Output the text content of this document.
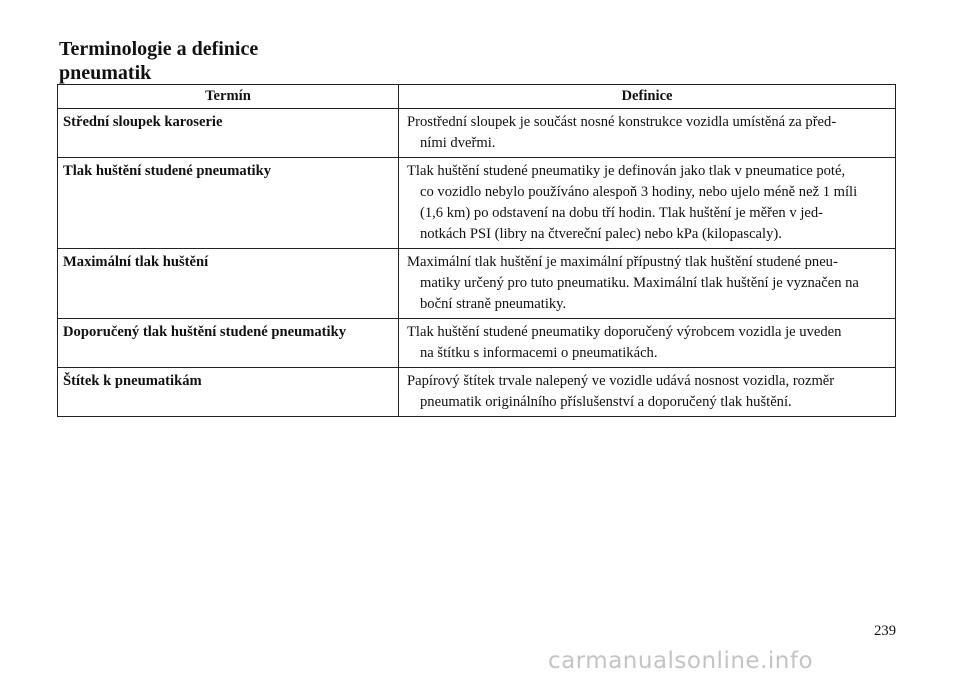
Terminologie a definice pneumatik
Termín	Definice
Střední sloupek karoserie	Prostřední sloupek je součást nosné konstrukce vozidla umístěná za před-
ními dveřmi.
Tlak huštění studené pneumatiky	Tlak huštění studené pneumatiky je definován jako tlak v pneumatice poté,
co vozidlo nebylo používáno alespoň 3 hodiny, nebo ujelo méně než 1 míli
(1,6 km) po odstavení na dobu tří hodin. Tlak huštění je měřen v jed-
notkách PSI (libry na čtvereční palec) nebo kPa (kilopascaly).
Maximální tlak huštění	Maximální tlak huštění je maximální přípustný tlak huštění studené pneu-
matiky určený pro tuto pneumatiku. Maximální tlak huštění je vyznačen na
boční straně pneumatiky.
Doporučený tlak huštění studené pneumatiky	Tlak huštění studené pneumatiky doporučený výrobcem vozidla je uveden
na štítku s informacemi o pneumatikách.
Štítek k pneumatikám	Papírový štítek trvale nalepený ve vozidle udává nosnost vozidla, rozměr
pneumatik originálního příslušenství a doporučený tlak huštění.
239
carmanualsonline.info
